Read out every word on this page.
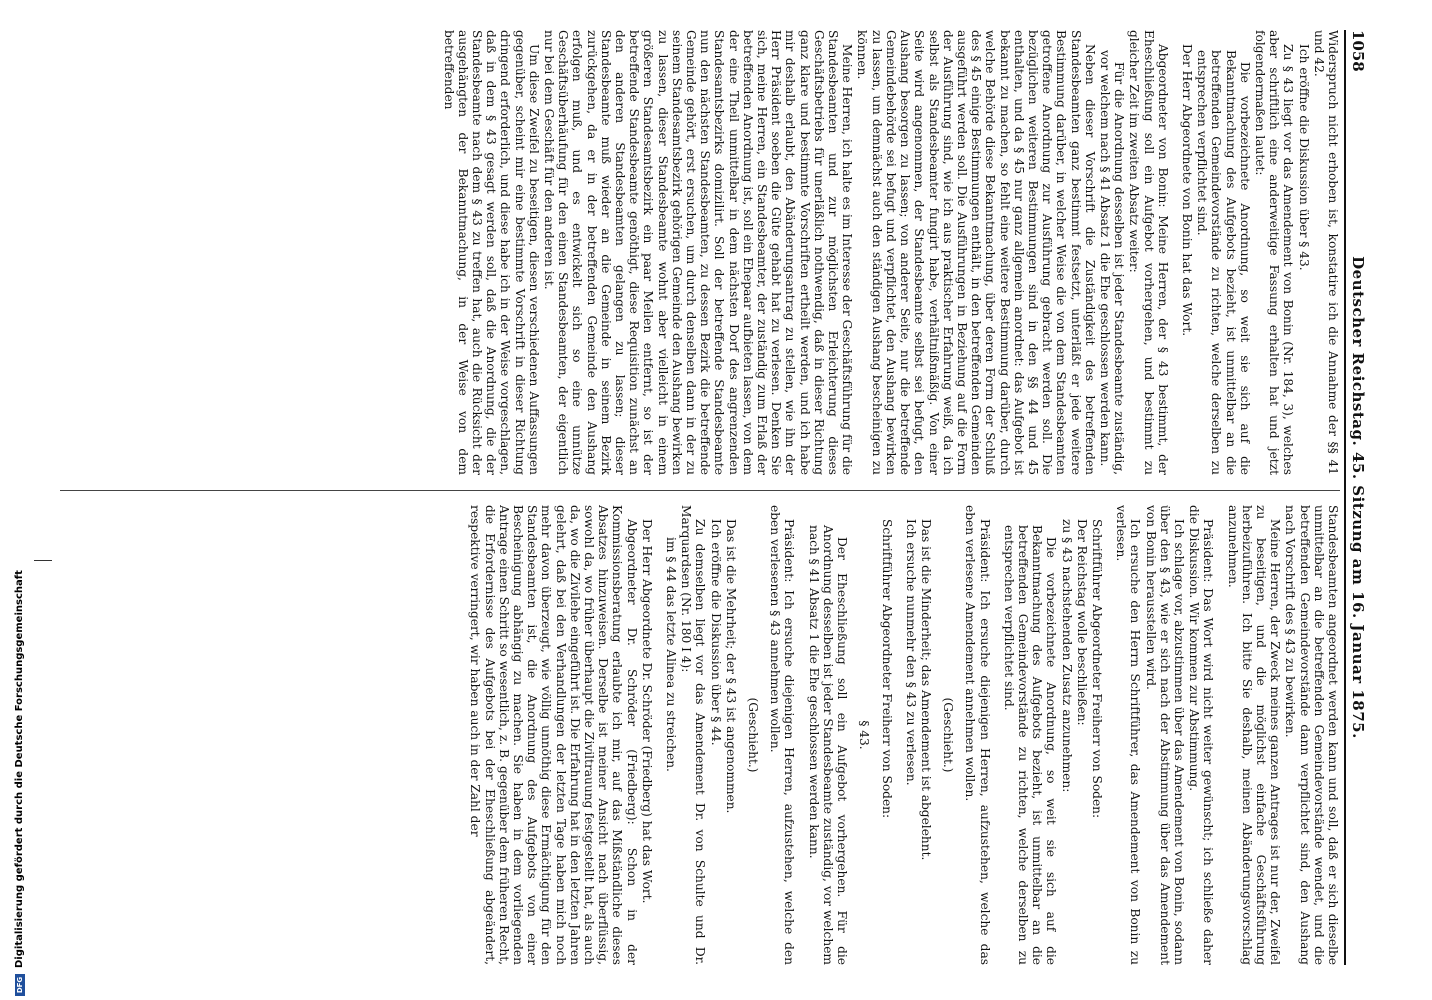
1058
Deutscher Reichstag. 45. Sitzung am 16. Januar 1875.

Widerspruch nicht erhoben ist, konstatire ich die Annahme der §§ 41 und 42.

Ich eröffne die Diskussion über § 43.

Zu § 43 liegt vor das Amendement von Bonin (Nr. 184, 3), welches aber schriftlich eine anderweitige Fassung erhalten hat und jetzt folgendermaßen lautet:

Die vorbezeichnete Anordnung, so weit sie sich auf die Bekanntmachung des Aufgebots bezieht, ist unmittelbar an die betreffenden Gemeindevorstände zu richten, welche derselben zu entsprechen verpflichtet sind.

Der Herr Abgeordnete von Bonin hat das Wort.

Abgeordneter von Bonin: Meine Herren, der § 43 bestimmt, der Eheschließung soll ein Aufgebot vorhergehen, und bestimmt zu gleicher Zeit im zweiten Absatz weiter:

Für die Anordnung desselben ist jeder Standesbeamte zuständig, vor welchem nach § 41 Absatz 1 die Ehe geschlossen werden kann.

Neben dieser Vorschrift die Zuständigkeit des betreffenden Standesbeamten ganz bestimmt festsetzt, unterläßt er jede weitere Bestimmung darüber, in welcher Weise die von dem Standesbeamten getroffene Anordnung zur Ausführung gebracht werden soll. Die bezüglichen weiteren Bestimmungen sind in den §§ 44 und 45 enthalten, und da § 45 nur ganz allgemein anordnet: das Aufgebot ist bekannt zu machen, so fehlt eine weitere Bestimmung darüber, durch welche Behörde diese Bekanntmachung, über deren Form der Schluß des § 45 einige Bestimmungen enthält, in den betreffenden Gemeinden ausgeführt werden soll. Die Ausführungen in Beziehung auf die Form der Ausführung sind, wie ich aus praktischer Erfahrung weiß, da ich selbst als Standesbeamter fungirt habe, verhältnißmäßig. Von einer Seite wird angenommen, der Standesbeamte selbst sei befugt, den Aushang besorgen zu lassen; von anderer Seite, nur die betreffende Gemeindebehörde sei befugt und verpflichtet, den Aushang bewirken zu lassen, um demnächst auch den ständigen Aushang bescheinigen zu können.

Meine Herren, ich halte es im Interesse der Geschäftsführung für die Standesbeamten und zur möglichsten Erleichterung dieses Geschäftsbetriebs für unerläßlich nothwendig, daß in dieser Richtung ganz klare und bestimmte Vorschriften ertheilt werden, und ich habe mir deshalb erlaubt, den Abänderungsantrag zu stellen, wie ihn der Herr Präsident soeben die Güte gehabt hat zu verlesen. Denken Sie sich, meine Herren, ein Standesbeamter, der zuständig zum Erlaß der betreffenden Anordnung ist, soll ein Ehepaar aufbieten lassen, von dem der eine Theil unmittelbar in dem nächsten Dorf des angrenzenden Standesamtsbezirks domizilirt. Soll der betreffende Standesbeamte nun den nächsten Standesbeamten, zu dessen Bezirk die betreffende Gemeinde gehört, erst ersuchen, um durch denselben dann in der zu seinem Standesamtsbezirk gehörigen Gemeinde den Aushang bewirken zu lassen, dieser Standesbeamte wohnt aber vielleicht in einem größeren Standesamtsbezirk ein paar Meilen entfernt, so ist der betreffende Standesbeamte genöthigt, diese Requisition zunächst an den anderen Standesbeamten gelangen zu lassen; dieser Standesbeamte muß wieder an die Gemeinde in seinem Bezirk zurückgehen, da er in der betreffenden Gemeinde den Aushang erfolgen muß, und es entwickelt sich so eine unnütze Geschäftsüberhäufung für den einen Standesbeamten, der eigentlich nur bei dem Geschäft für den anderen ist.

Um diese Zweifel zu beseitigen, diesen verschiedenen Auffassungen gegenüber, scheint mir eine bestimmte Vorschrift in dieser Richtung dringend erforderlich, und diese habe ich in der Weise vorgeschlagen, daß in dem § 43 gesagt werden soll, daß die Anordnung, die der Standesbeamte nach dem § 43 zu treffen hat, auch die Rücksicht der ausgehängten der Bekanntmachung, in der Weise von dem betreffenden

Standesbeamten angeordnet werden kann und soll, daß er sich dieselbe unmittelbar an die betreffenden Gemeindevorstände wendet, und die betreffenden Gemeindevorstände dann verpflichtet sind, den Aushang nach Vorschrift des § 43 zu bewirken.

Meine Herren, der Zweck meines ganzen Antrages ist nur der, Zweifel zu beseitigen, und die möglichst einfache Geschäftsführung herbeizuführen. Ich bitte Sie deshalb, meinen Abänderungsvorschlag anzunehmen.

Präsident: Das Wort wird nicht weiter gewünscht; ich schließe daher die Diskussion. Wir kommen zur Abstimmung.

Ich schlage vor, abzustimmen über das Amendement von Bonin, sodann über den § 43, wie er sich nach der Abstimmung über das Amendement von Bonin herausstellen wird.

Ich ersuche den Herrn Schriftführer, das Amendement von Bonin zu verlesen.

Schriftführer Abgeordneter Freiherr von Soden:

Der Reichstag wolle beschließen:

zu § 43 nachstehenden Zusatz anzunehmen:

Die vorbezeichnete Anordnung, so weit sie sich auf die Bekanntmachung des Aufgebots bezieht, ist unmittelbar an die betreffenden Gemeindevorstände zu richten, welche derselben zu entsprechen verpflichtet sind.

Präsident: Ich ersuche diejenigen Herren, aufzustehen, welche das eben verlesene Amendement annehmen wollen.

(Geschieht.)

Das ist die Minderheit; das Amendement ist abgelehnt.

Ich ersuche nunmehr den § 43 zu verlesen.

Schriftführer Abgeordneter Freiherr von Soden:

§ 43.

Der Eheschließung soll ein Aufgebot vorhergehen. Für die Anordnung desselben ist jeder Standesbeamte zuständig, vor welchem nach § 41 Absatz 1 die Ehe geschlossen werden kann.

Präsident: Ich ersuche diejenigen Herren, aufzustehen, welche den eben verlesenen § 43 annehmen wollen.

(Geschieht.)

Das ist die Mehrheit; der § 43 ist angenommen.

Ich eröffne die Diskussion über § 44.

Zu demselben liegt vor das Amendement Dr. von Schulte und Dr. Marquardsen (Nr. 180 I 4):

im § 44 das letzte Alinea zu streichen.

Der Herr Abgeordnete Dr. Schröder (Friedberg) hat das Wort.

Abgeordneter Dr. Schröder (Friedberg): Schon in der Kommissionsberatung erlaubte ich mir, auf das Mißständliche dieses Absatzes hinzuweisen. Derselbe ist meiner Ansicht nach überflüssig, sowohl da, wo früher überhaupt die Ziviltrauung festgestellt hat, als auch da, wo die Zivilehe eingeführt ist. Die Erfahrung hat in den letzten Jahren gelehrt, daß bei den Verhandlungen der letzten Tage haben mich noch mehr davon überzeugt, wie völlig unnöthig diese Ermächtigung für den Standesbeamten ist, die Anordnung des Aufgebots von einer Bescheinigung abhängig zu machen. Sie haben in dem vorliegenden Antrage einen Schritt so wesentlich, z. B. gegenüber dem früheren Recht, die Erfordernisse des Aufgebots bei der Eheschließung abgeändert, respektive verringert, wir haben auch in der Zahl der

DFG
Digitalisierung gefördert durch die Deutsche Forschungsgemeinschaft
